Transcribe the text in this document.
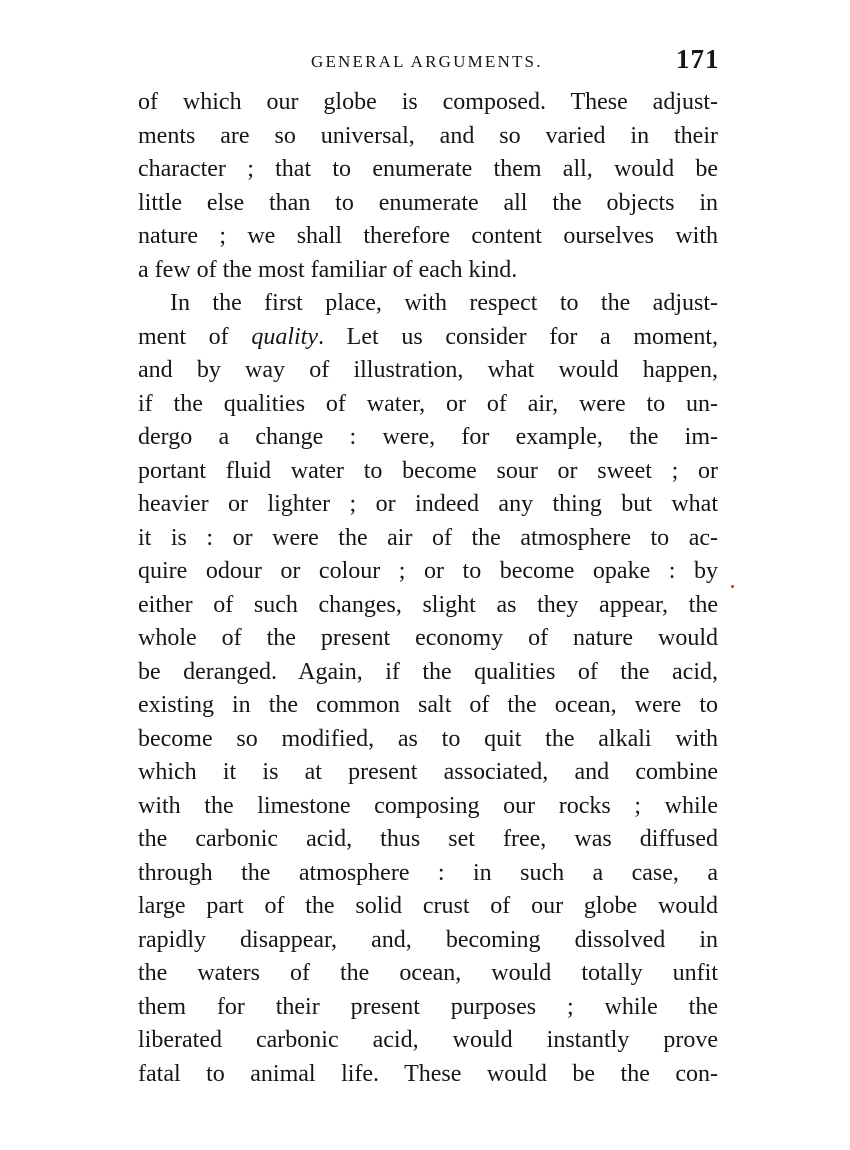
GENERAL ARGUMENTS.	171
of which our globe is composed. These adjust-
ments are so universal, and so varied in their
character ; that to enumerate them all, would be
little else than to enumerate all the objects in
nature ; we shall therefore content ourselves with
a few of the most familiar of each kind.
In the first place, with respect to the adjust-
ment of quality. Let us consider for a moment,
and by way of illustration, what would happen,
if the qualities of water, or of air, were to un-
dergo a change : were, for example, the im-
portant fluid water to become sour or sweet ; or
heavier or lighter ; or indeed any thing but what
it is : or were the air of the atmosphere to ac-
quire odour or colour ; or to become opake : by
either of such changes, slight as they appear, the
whole of the present economy of nature would
be deranged. Again, if the qualities of the acid,
existing in the common salt of the ocean, were to
become so modified, as to quit the alkali with
which it is at present associated, and combine
with the limestone composing our rocks ; while
the carbonic acid, thus set free, was diffused
through the atmosphere : in such a case, a
large part of the solid crust of our globe would
rapidly disappear, and, becoming dissolved in
the waters of the ocean, would totally unfit
them for their present purposes ; while the
liberated carbonic acid, would instantly prove
fatal to animal life. These would be the con-
